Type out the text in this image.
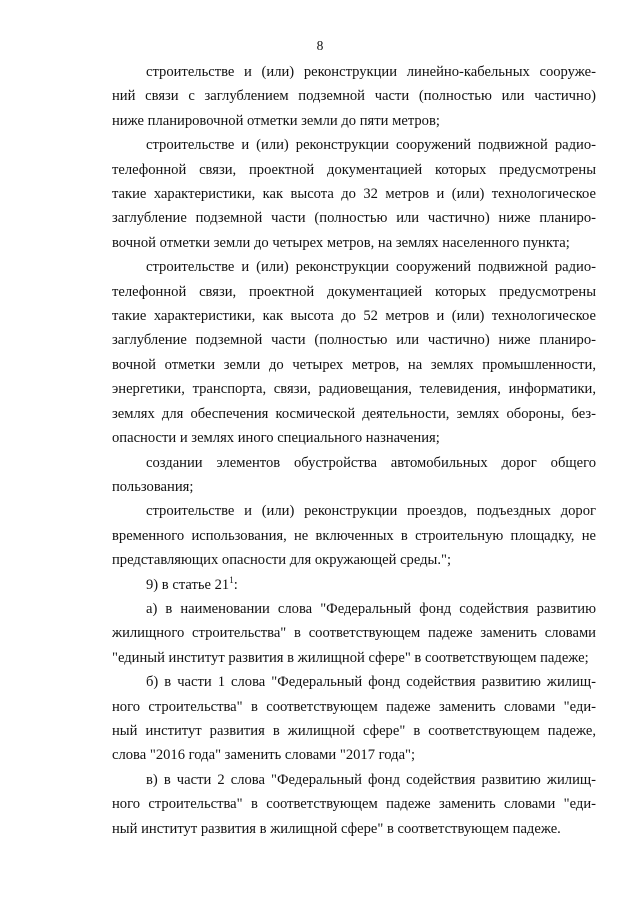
8
строительстве и (или) реконструкции линейно-кабельных сооруже-
ний связи с заглублением подземной части (полностью или частично)
ниже планировочной отметки земли до пяти метров;
строительстве и (или) реконструкции сооружений подвижной радио-
телефонной связи, проектной документацией которых предусмотрены
такие характеристики, как высота до 32 метров и (или) технологическое
заглубление подземной части (полностью или частично) ниже планиро-
вочной отметки земли до четырех метров, на землях населенного пункта;
строительстве и (или) реконструкции сооружений подвижной радио-
телефонной связи, проектной документацией которых предусмотрены
такие характеристики, как высота до 52 метров и (или) технологическое
заглубление подземной части (полностью или частично) ниже планиро-
вочной отметки земли до четырех метров, на землях промышленности,
энергетики, транспорта, связи, радиовещания, телевидения, информатики,
землях для обеспечения космической деятельности, землях обороны, без-
опасности и землях иного специального назначения;
создании элементов обустройства автомобильных дорог общего
пользования;
строительстве и (или) реконструкции проездов, подъездных дорог
временного использования, не включенных в строительную площадку, не
представляющих опасности для окружающей среды.";
9) в статье $21^1$:
а) в наименовании слова "Федеральный фонд содействия развитию
жилищного строительства" в соответствующем падеже заменить словами
"единый институт развития в жилищной сфере" в соответствующем падеже;
б) в части 1 слова "Федеральный фонд содействия развитию жилищ-
ного строительства" в соответствующем падеже заменить словами "еди-
ный институт развития в жилищной сфере" в соответствующем падеже,
слова "2016 года" заменить словами "2017 года";
в) в части 2 слова "Федеральный фонд содействия развитию жилищ-
ного строительства" в соответствующем падеже заменить словами "еди-
ный институт развития в жилищной сфере" в соответствующем падеже.
